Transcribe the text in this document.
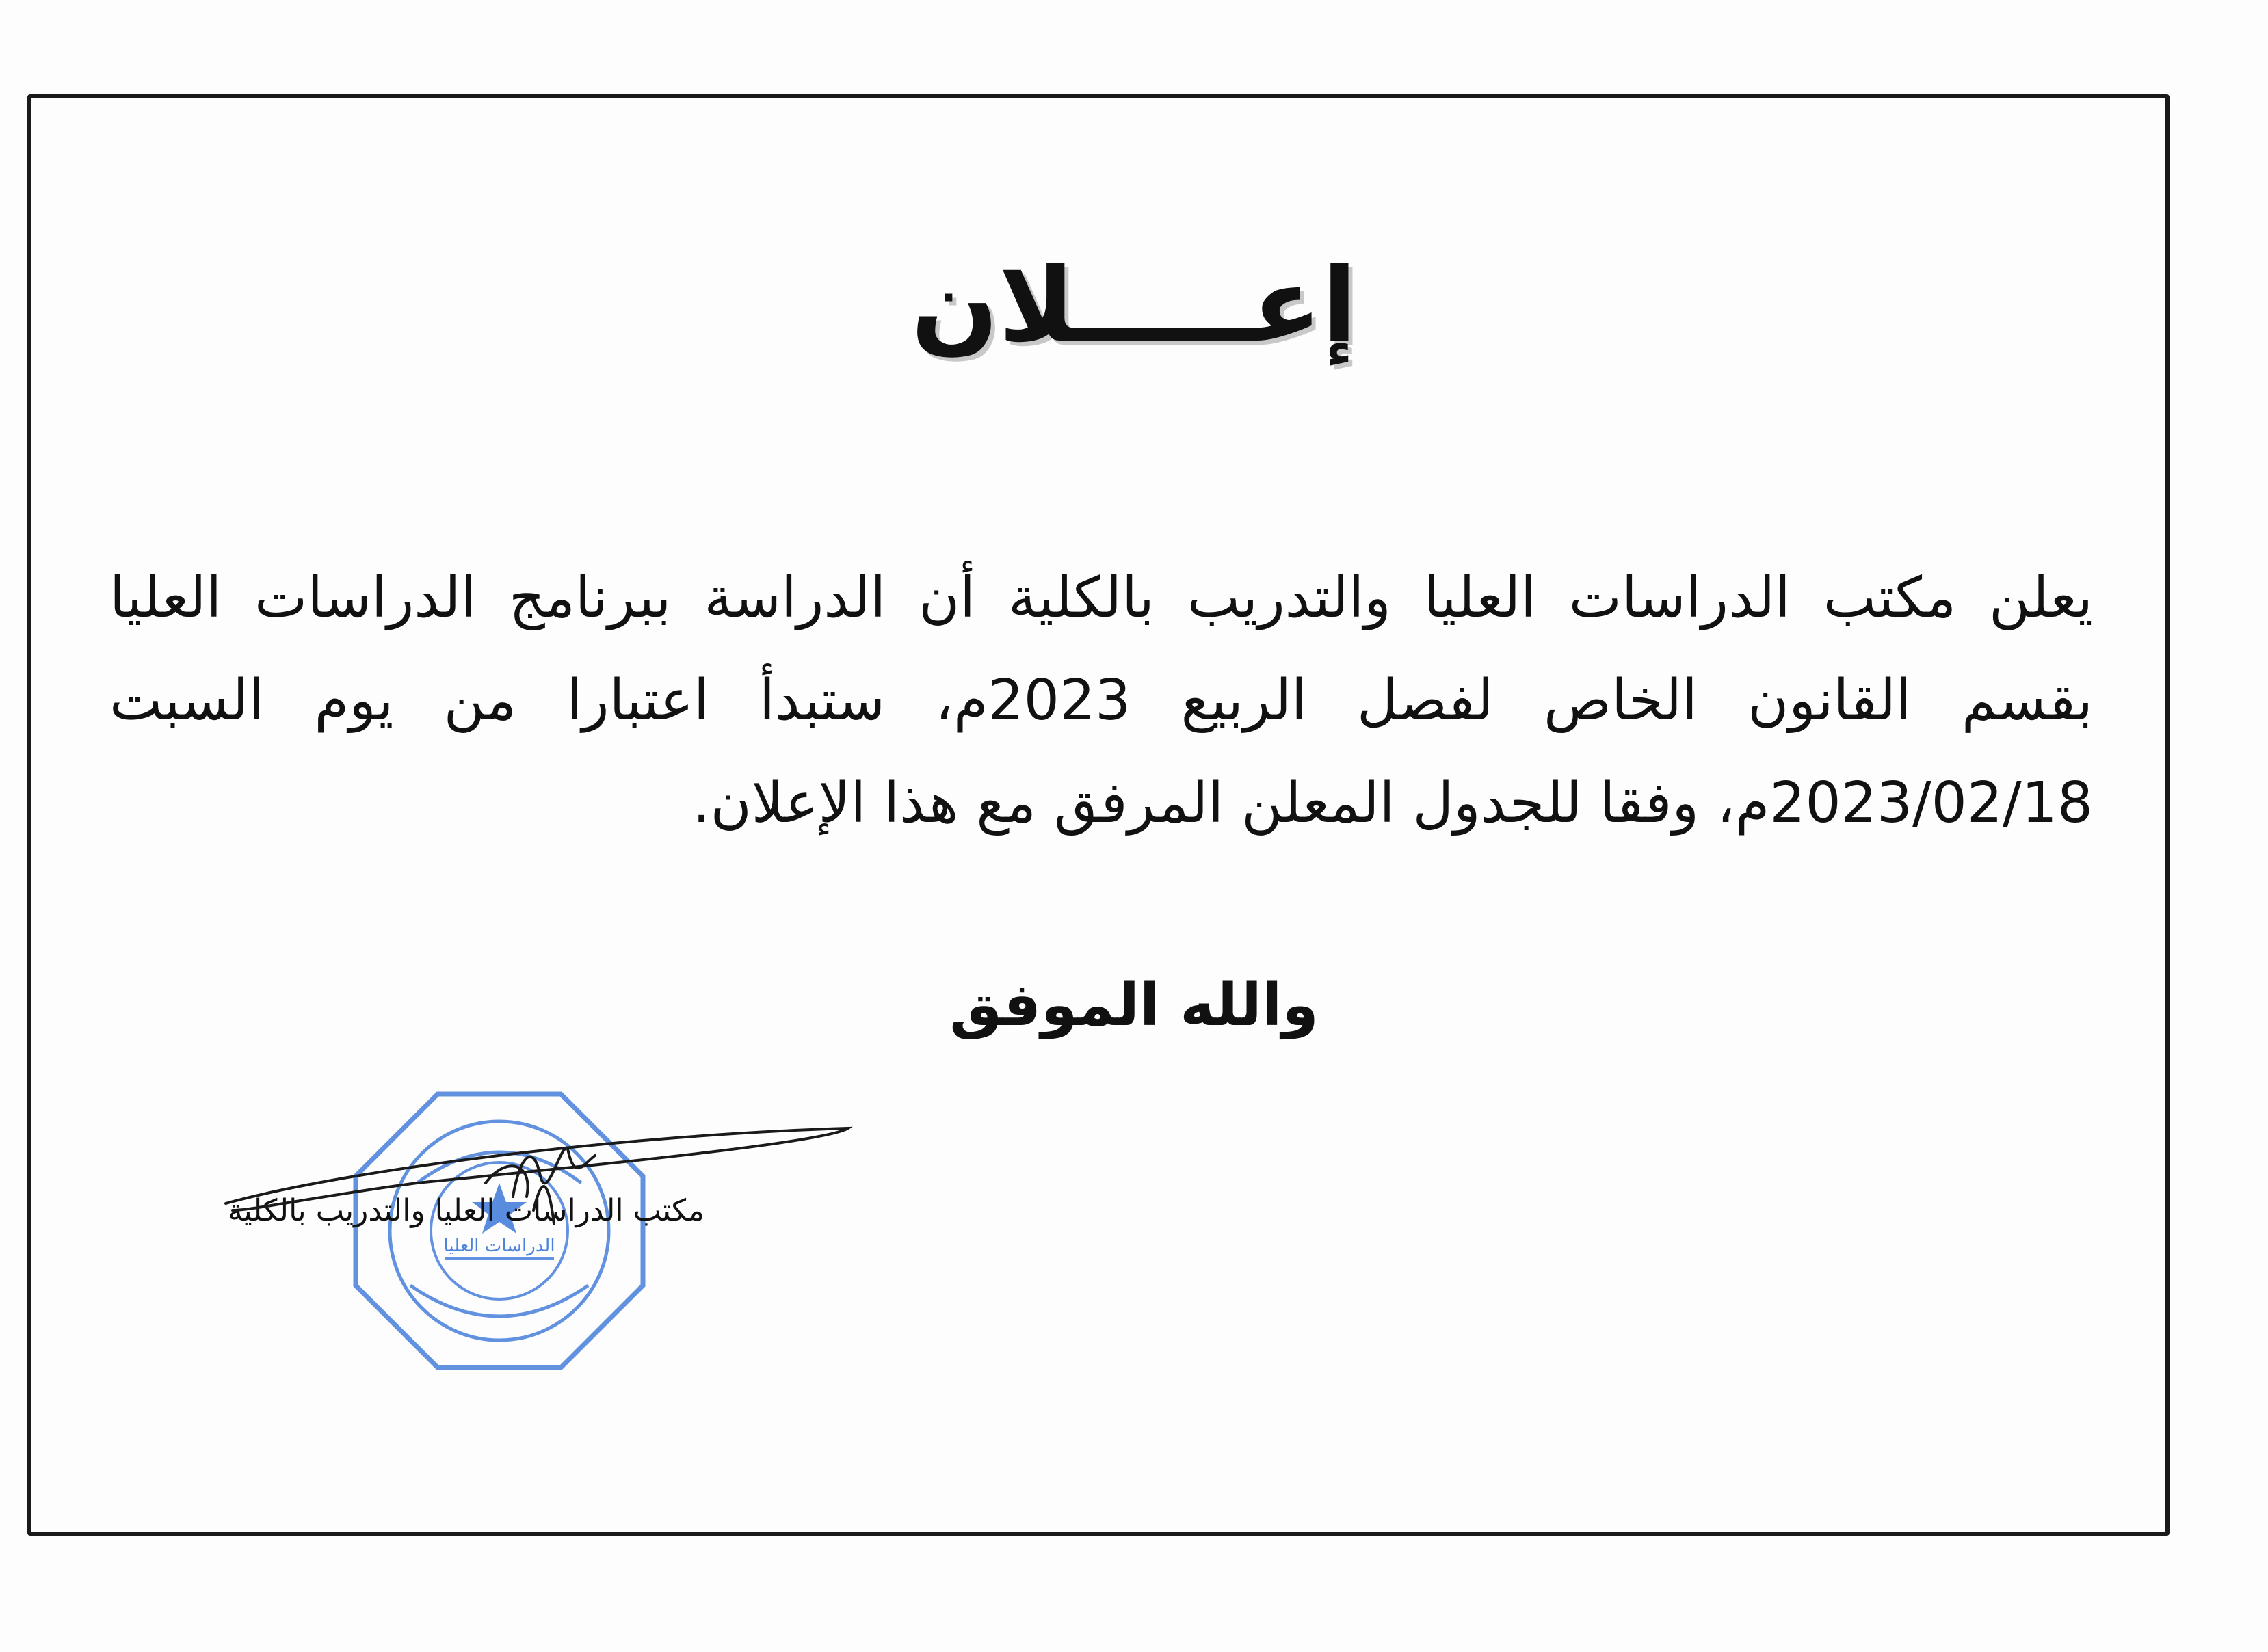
إعـــــلان
يعلن مكتب الدراسات العليا والتدريب بالكلية أن الدراسة ببرنامج الدراسات العليا بقسم القانون الخاص لفصل الربيع 2023م، ستبدأ اعتبارا من يوم السبت 2023/02/18م، وفقا للجدول المعلن المرفق مع هذا الإعلان.
والله الموفق
الدراسات العليا
مكتب الدراسات العليا والتدريب بالكلية
